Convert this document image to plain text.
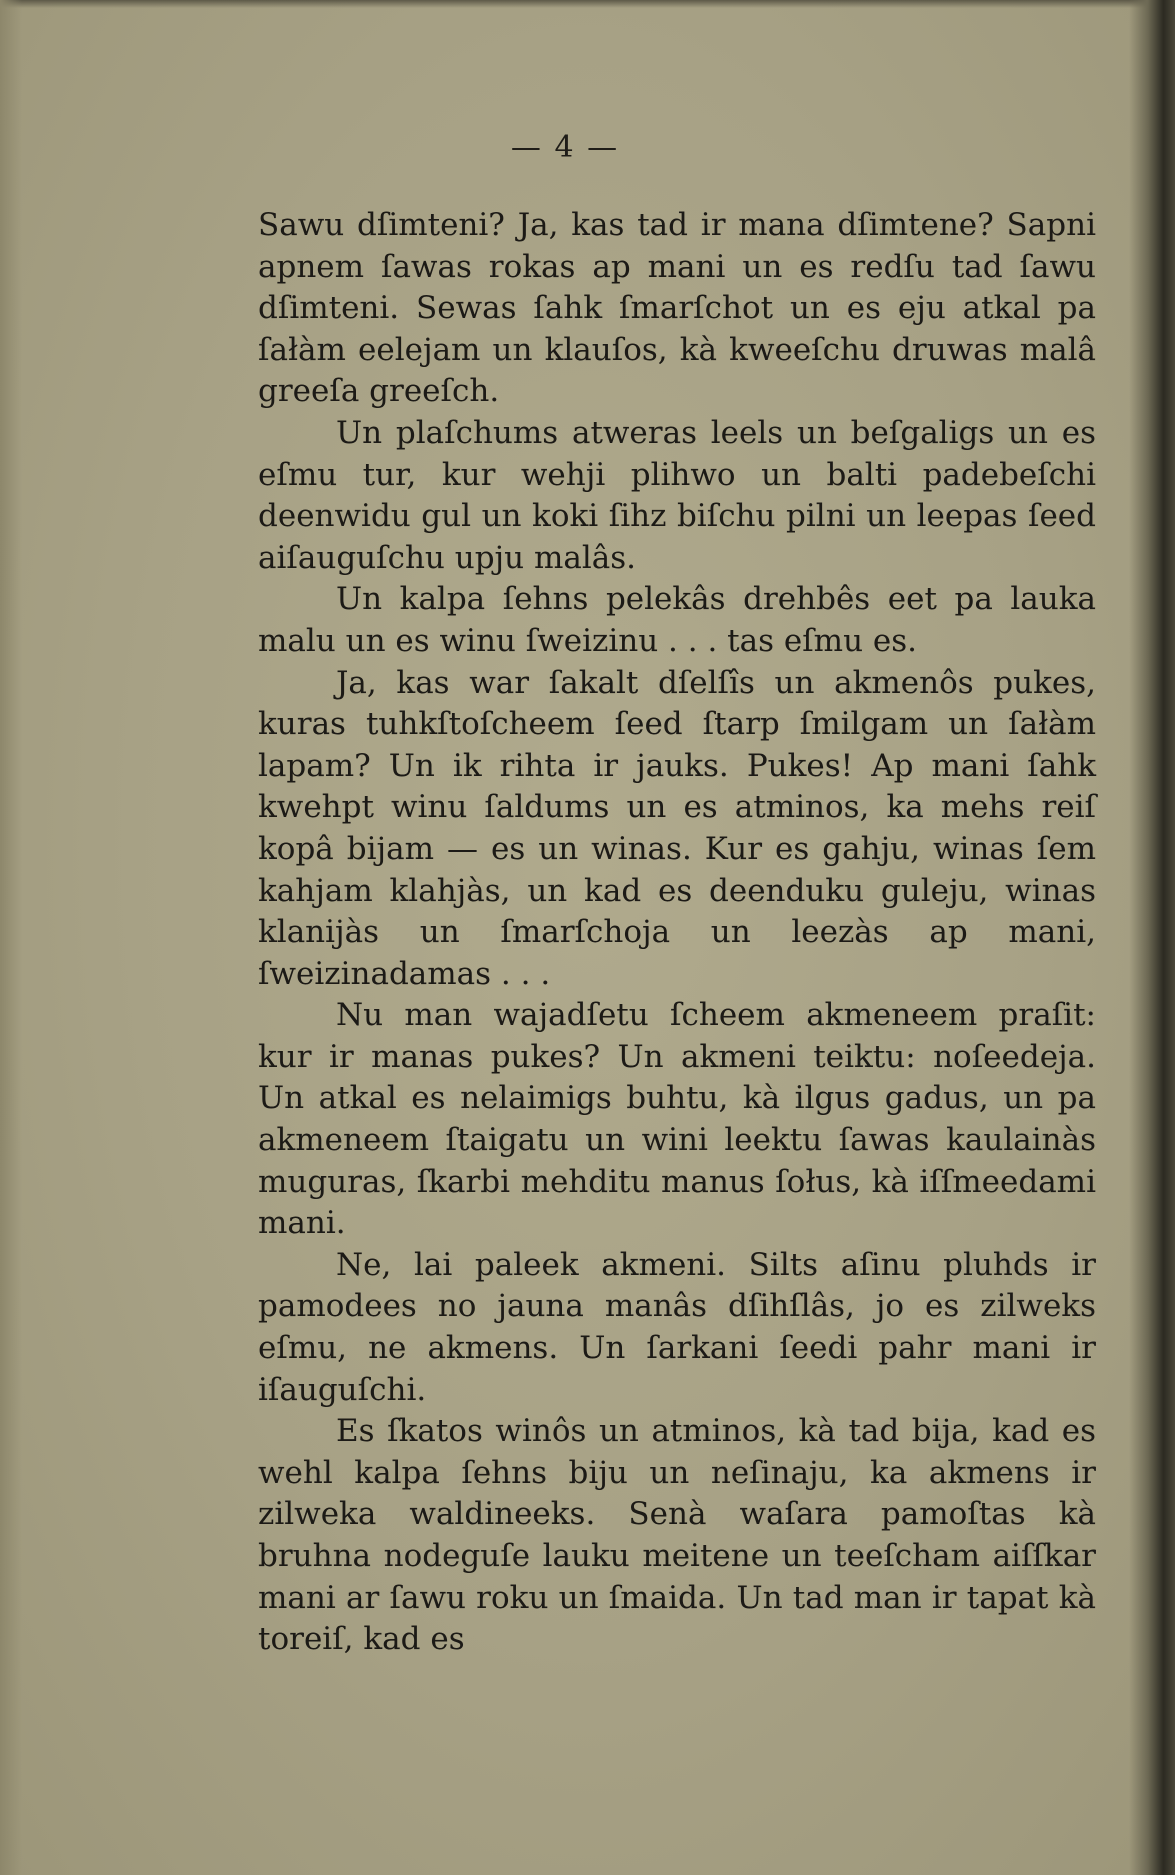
— 4 —

Sawu dſimteni? Ja, kas tad ir mana dſimtene? Sapni apnem ſawas rokas ap mani un es redſu tad ſawu dſimteni. Sewas ſahk ſmarſchot un es eju atkal pa ſałàm eelejam un klauſos, kà kweeſchu druwas malâ greeſa greeſch.

Un plaſchums atweras leels un beſgaligs un es eſmu tur, kur wehji plihwo un balti padebeſchi deenwidu gul un koki ſihz biſchu pilni un leepas ſeed aiſauguſchu upju malâs.

Un kalpa ſehns pelekâs drehbês eet pa lauka malu un es winu ſweizinu . . . tas eſmu es.

Ja, kas war ſakalt dſelſîs un akmenôs pukes, kuras tuhkſtoſcheem ſeed ſtarp ſmilgam un ſałàm lapam? Un ik rihta ir jauks. Pukes! Ap mani ſahk kwehpt winu ſaldums un es atminos, ka mehs reiſ kopâ bijam — es un winas. Kur es gahju, winas ſem kahjam klahjàs, un kad es deenduku guleju, winas klanijàs un ſmarſchoja un leezàs ap mani, ſweizinadamas . . .

Nu man wajadſetu ſcheem akmeneem praſit: kur ir manas pukes? Un akmeni teiktu: noſeedeja. Un atkal es nelaimigs buhtu, kà ilgus gadus, un pa akmeneem ſtaigatu un wini leektu ſawas kaulainàs muguras, ſkarbi mehditu manus ſołus, kà iſſmeedami mani.

Ne, lai paleek akmeni. Silts aſinu pluhds ir pamodees no jauna manâs dſihſlâs, jo es zilweks eſmu, ne akmens. Un ſarkani ſeedi pahr mani ir iſauguſchi.

Es ſkatos winôs un atminos, kà tad bija, kad es wehl kalpa ſehns biju un neſinaju, ka akmens ir zilweka waldineeks. Senà waſara pamoſtas kà bruhna nodeguſe lauku meitene un teeſcham aiſſkar mani ar ſawu roku un ſmaida. Un tad man ir tapat kà toreiſ, kad es
